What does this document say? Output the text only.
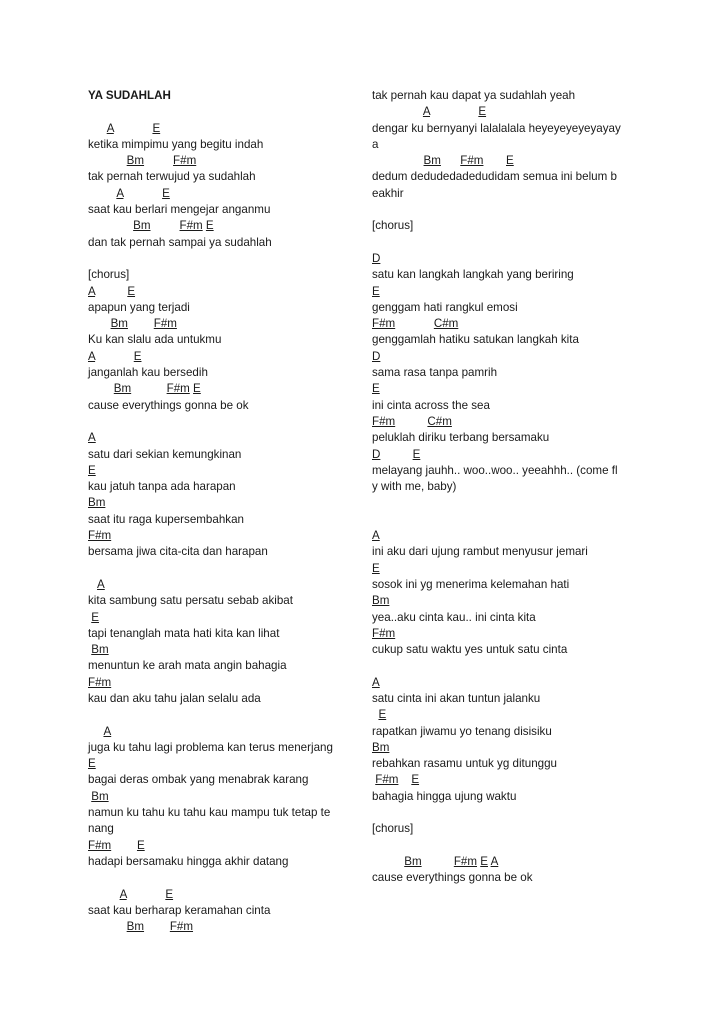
YA SUDAHLAH
A	E
ketika mimpimu yang begitu indah
Bm	F#m
tak pernah terwujud ya sudahlah
A	E
saat kau berlari mengejar anganmu
Bm	F#m E
dan tak pernah sampai ya sudahlah
[chorus]
A	E
apapun yang terjadi
Bm F#m
Ku kan slalu ada untukmu
A	E
janganlah kau bersedih
Bm	F#m E
cause everythings gonna be ok
A
satu dari sekian kemungkinan
E
kau jatuh tanpa ada harapan
Bm
saat itu raga kupersembahkan
F#m
bersama jiwa cita-cita dan harapan
A
kita sambung satu persatu sebab akibat
E
tapi tenanglah mata hati kita kan lihat
Bm
menuntun ke arah mata angin bahagia
F#m
kau dan aku tahu jalan selalu ada
A
juga ku tahu lagi problema kan terus menerjang
E
bagai deras ombak yang menabrak karang
Bm
namun ku tahu ku tahu kau mampu tuk tetap te
nang
F#m E
hadapi bersamaku hingga akhir datang
A	E
saat kau berharap keramahan cinta
Bm F#m
tak pernah kau dapat ya sudahlah yeah
A	E
dengar ku bernyanyi lalalalala heyeyeyeyeyayay
a
Bm F#m E
dedum dedudedadedudidam semua ini belum b
eakhir
[chorus]
D
satu kan langkah langkah yang beriring
E
genggam hati rangkul emosi
F#m	C#m
genggamlah hatiku satukan langkah kita
D
sama rasa tanpa pamrih
E
ini cinta across the sea
F#m	C#m
peluklah diriku terbang bersamaku
D	E
melayang jauhh.. woo..woo.. yeeahhh.. (come fl
y with me, baby)
A
ini aku dari ujung rambut menyusur jemari
E
sosok ini yg menerima kelemahan hati
Bm
yea..aku cinta kau.. ini cinta kita
F#m
cukup satu waktu yes untuk satu cinta
A
satu cinta ini akan tuntun jalanku
E
rapatkan jiwamu yo tenang disisiku
Bm
rebahkan rasamu untuk yg ditunggu
F#m E
bahagia hingga ujung waktu
[chorus]
Bm	F#m E A
cause everythings gonna be ok
